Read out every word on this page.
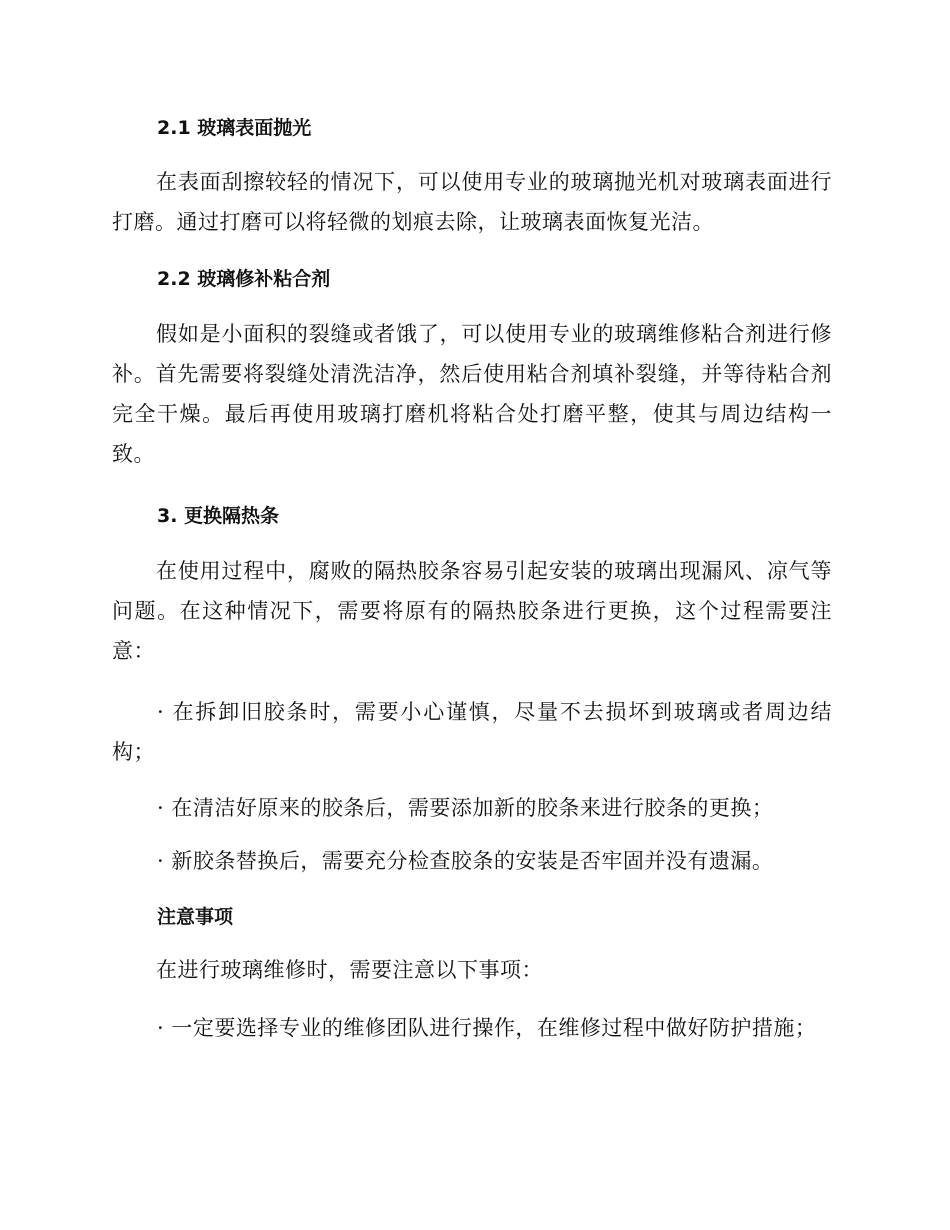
2.1 玻璃表面抛光

在表面刮擦较轻的情况下，可以使用专业的玻璃抛光机对玻璃表面进行打磨。通过打磨可以将轻微的划痕去除，让玻璃表面恢复光洁。

2.2 玻璃修补粘合剂

假如是小面积的裂缝或者饿了，可以使用专业的玻璃维修粘合剂进行修补。首先需要将裂缝处清洗洁净，然后使用粘合剂填补裂缝，并等待粘合剂完全干燥。最后再使用玻璃打磨机将粘合处打磨平整，使其与周边结构一致。

3. 更换隔热条

在使用过程中，腐败的隔热胶条容易引起安装的玻璃出现漏风、凉气等问题。在这种情况下，需要将原有的隔热胶条进行更换，这个过程需要注意：

· 在拆卸旧胶条时，需要小心谨慎，尽量不去损坏到玻璃或者周边结构；

· 在清洁好原来的胶条后，需要添加新的胶条来进行胶条的更换；

· 新胶条替换后，需要充分检查胶条的安装是否牢固并没有遗漏。

注意事项

在进行玻璃维修时，需要注意以下事项：

· 一定要选择专业的维修团队进行操作，在维修过程中做好防护措施；
